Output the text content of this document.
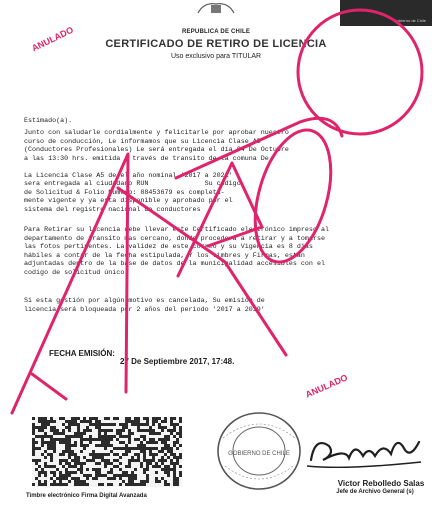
Gobierno de Chile
REPUBLICA DE CHILE
CERTIFICADO DE RETIRO DE LICENCIA
Uso exclusivo para TITULAR
ANULADO
Estimado(a).
Junto con saludarle cordialmente y felicitarle por aprobar nuestro
curso de conducción, Le informamos que su Licencia Clase A5
(Conductores Profesionales) Le será entregada el día 04 De Octubre
a las 13:30 hrs. emitida a través de transito de la comuna De

La Licencia Clase A5 de el año nominal '2017 a 2021'
sera entregada al ciudadano RUN              Su codigo
de Solicitud & Folio Numero: 88453679 es completa-
mente vigente y ya esta disponible y aprobado por el
sistema del registro nacional de conductores
Para Retirar su licencia debe llevar este Certificado electrónico impreso al
departamento de transito mas cercano, donde procederá a retirar y a tomarse
las fotos pertinentes. La validez de este correo y su Vigencia es 8 dias
hábiles a contar de la fecha estipulada, Y los timbres y Firmas, están
adjuntadas dentro de la base de datos de la municipalidad accesibles con el
codigo de solicitud único.
Si esta gestión por algún motivo es cancelada, Su emisión de
licencia será bloqueada por 2 años del periodo '2017 a 2019'
FECHA EMISIÓN:
27 De Septiembre 2017, 17:48.
ANULADO
Timbre electrónico Firma Digital Avanzada
GOBIERNO DE CHILE
Victor Rebolledo Salas
Jefe de Archivo General (s)
